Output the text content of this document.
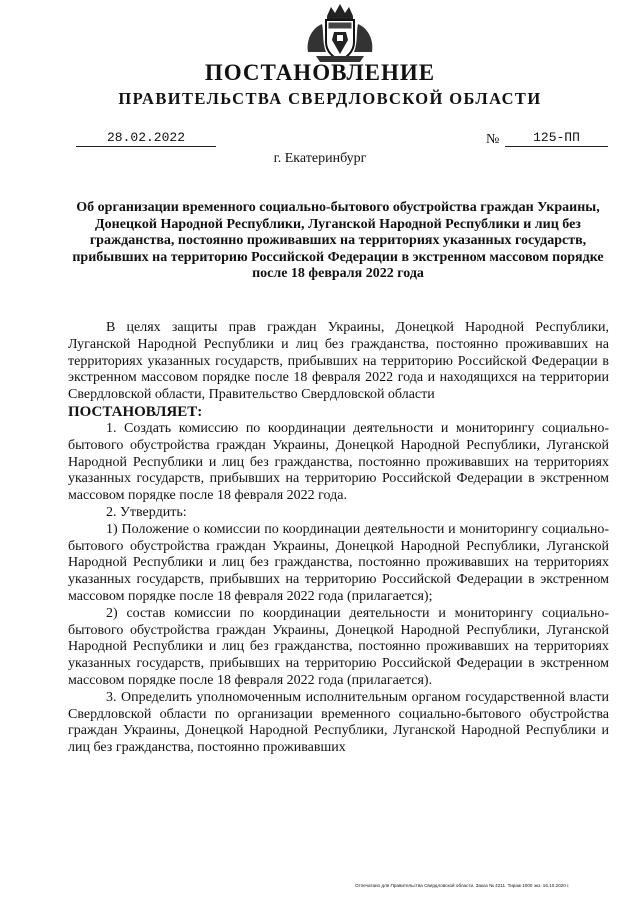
ПОСТАНОВЛЕНИЕ
ПРАВИТЕЛЬСТВА СВЕРДЛОВСКОЙ ОБЛАСТИ
28.02.2022	№	125-ПП
г. Екатеринбург
Об организации временного социально-бытового обустройства граждан Украины, Донецкой Народной Республики, Луганской Народной Республики и лиц без гражданства, постоянно проживавших на территориях указанных государств, прибывших на территорию Российской Федерации в экстренном массовом порядке после 18 февраля 2022 года

В целях защиты прав граждан Украины, Донецкой Народной Республики, Луганской Народной Республики и лиц без гражданства, постоянно проживавших на территориях указанных государств, прибывших на территорию Российской Федерации в экстренном массовом порядке после 18 февраля 2022 года и находящихся на территории Свердловской области, Правительство Свердловской области

ПОСТАНОВЛЯЕТ:

1. Создать комиссию по координации деятельности и мониторингу социально-бытового обустройства граждан Украины, Донецкой Народной Республики, Луганской Народной Республики и лиц без гражданства, постоянно проживавших на территориях указанных государств, прибывших на территорию Российской Федерации в экстренном массовом порядке после 18 февраля 2022 года.

2. Утвердить:

1) Положение о комиссии по координации деятельности и мониторингу социально-бытового обустройства граждан Украины, Донецкой Народной Республики, Луганской Народной Республики и лиц без гражданства, постоянно проживавших на территориях указанных государств, прибывших на территорию Российской Федерации в экстренном массовом порядке после 18 февраля 2022 года (прилагается);

2) состав комиссии по координации деятельности и мониторингу социально-бытового обустройства граждан Украины, Донецкой Народной Республики, Луганской Народной Республики и лиц без гражданства, постоянно проживавших на территориях указанных государств, прибывших на территорию Российской Федерации в экстренном массовом порядке после 18 февраля 2022 года (прилагается).

3. Определить уполномоченным исполнительным органом государственной власти Свердловской области по организации временного социально-бытового обустройства граждан Украины, Донецкой Народной Республики, Луганской Народной Республики и лиц без гражданства, постоянно проживавших

Отпечатано для Правительства Свердловской области. Заказ № 4211. Тираж 1000 экз. 16.10.2020 г.
